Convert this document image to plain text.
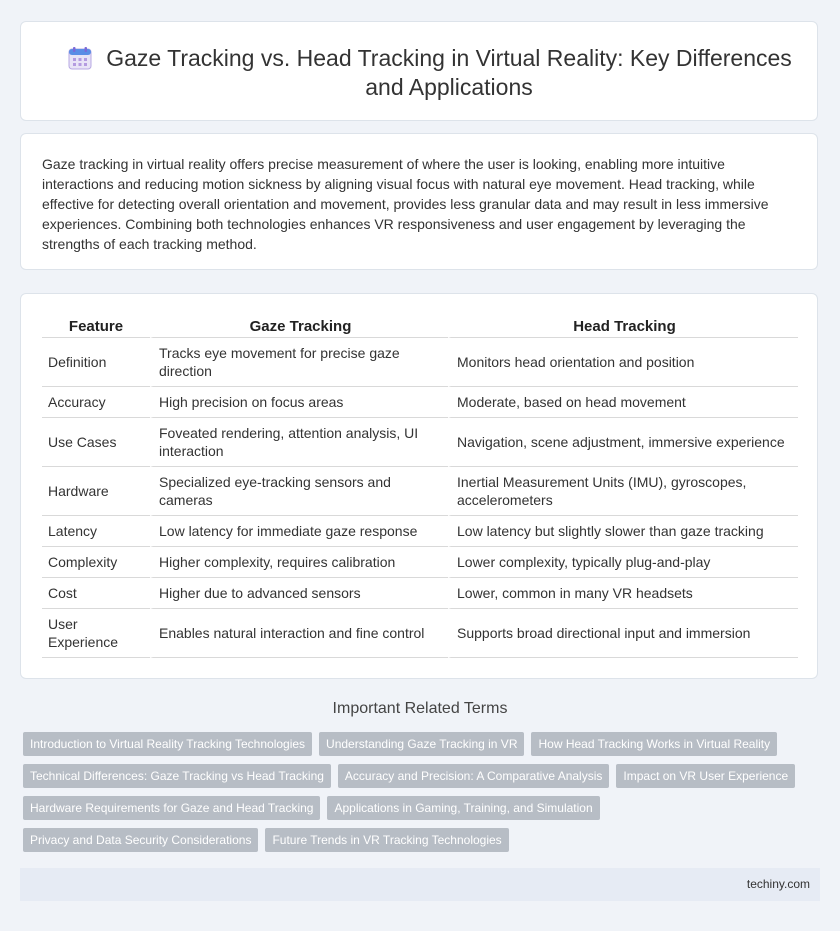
Gaze Tracking vs. Head Tracking in Virtual Reality: Key Differences and Applications

Gaze tracking in virtual reality offers precise measurement of where the user is looking, enabling more intuitive interactions and reducing motion sickness by aligning visual focus with natural eye movement. Head tracking, while effective for detecting overall orientation and movement, provides less granular data and may result in less immersive experiences. Combining both technologies enhances VR responsiveness and user engagement by leveraging the strengths of each tracking method.

Feature	Gaze Tracking	Head Tracking
Definition	Tracks eye movement for precise gaze direction	Monitors head orientation and position
Accuracy	High precision on focus areas	Moderate, based on head movement
Use Cases	Foveated rendering, attention analysis, UI interaction	Navigation, scene adjustment, immersive experience
Hardware	Specialized eye-tracking sensors and cameras	Inertial Measurement Units (IMU), gyroscopes, accelerometers
Latency	Low latency for immediate gaze response	Low latency but slightly slower than gaze tracking
Complexity	Higher complexity, requires calibration	Lower complexity, typically plug-and-play
Cost	Higher due to advanced sensors	Lower, common in many VR headsets
User Experience	Enables natural interaction and fine control	Supports broad directional input and immersion
Important Related Terms
Introduction to Virtual Reality Tracking Technologies	Understanding Gaze Tracking in VR	How Head Tracking Works in Virtual Reality
Technical Differences: Gaze Tracking vs Head Tracking	Accuracy and Precision: A Comparative Analysis	Impact on VR User Experience
Hardware Requirements for Gaze and Head Tracking	Applications in Gaming, Training, and Simulation
Privacy and Data Security Considerations	Future Trends in VR Tracking Technologies
techiny.com
